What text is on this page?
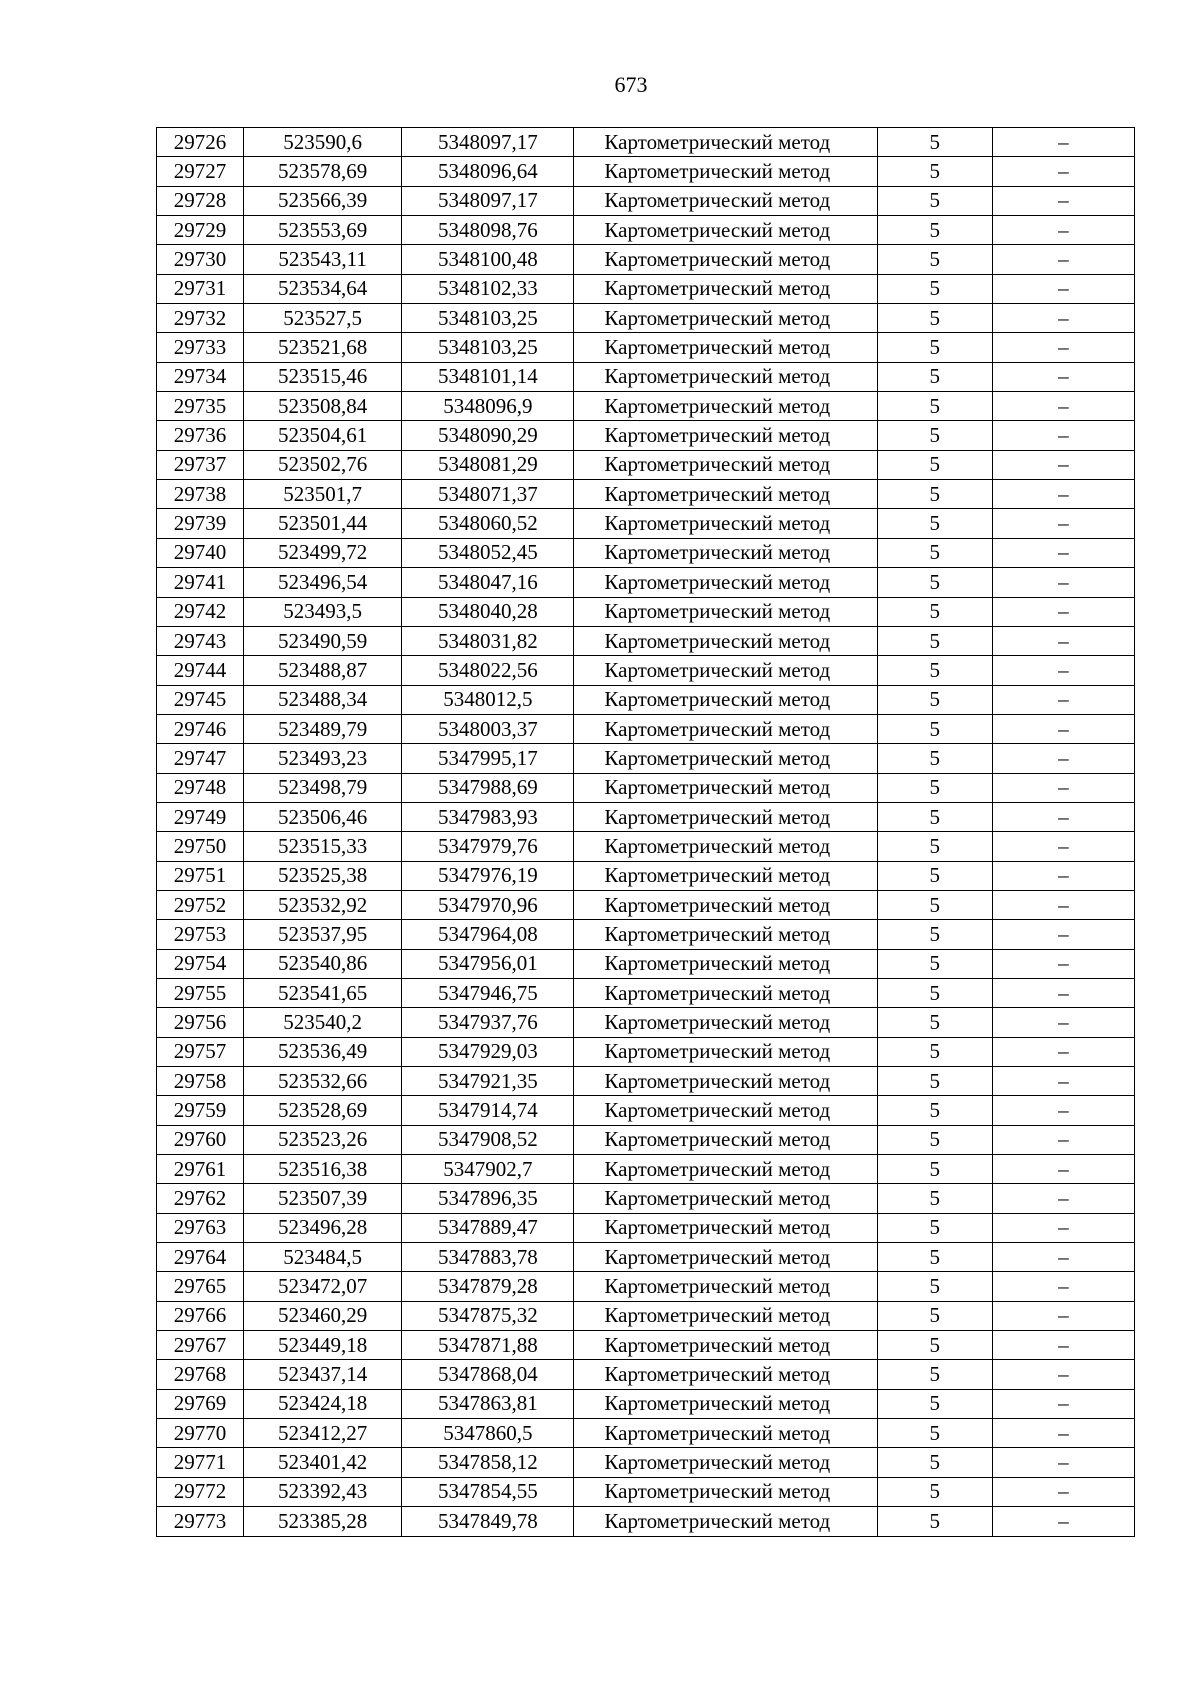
673
29726	523590,6	5348097,17	Картометрический метод	5	–
29727	523578,69	5348096,64	Картометрический метод	5	–
29728	523566,39	5348097,17	Картометрический метод	5	–
29729	523553,69	5348098,76	Картометрический метод	5	–
29730	523543,11	5348100,48	Картометрический метод	5	–
29731	523534,64	5348102,33	Картометрический метод	5	–
29732	523527,5	5348103,25	Картометрический метод	5	–
29733	523521,68	5348103,25	Картометрический метод	5	–
29734	523515,46	5348101,14	Картометрический метод	5	–
29735	523508,84	5348096,9	Картометрический метод	5	–
29736	523504,61	5348090,29	Картометрический метод	5	–
29737	523502,76	5348081,29	Картометрический метод	5	–
29738	523501,7	5348071,37	Картометрический метод	5	–
29739	523501,44	5348060,52	Картометрический метод	5	–
29740	523499,72	5348052,45	Картометрический метод	5	–
29741	523496,54	5348047,16	Картометрический метод	5	–
29742	523493,5	5348040,28	Картометрический метод	5	–
29743	523490,59	5348031,82	Картометрический метод	5	–
29744	523488,87	5348022,56	Картометрический метод	5	–
29745	523488,34	5348012,5	Картометрический метод	5	–
29746	523489,79	5348003,37	Картометрический метод	5	–
29747	523493,23	5347995,17	Картометрический метод	5	–
29748	523498,79	5347988,69	Картометрический метод	5	–
29749	523506,46	5347983,93	Картометрический метод	5	–
29750	523515,33	5347979,76	Картометрический метод	5	–
29751	523525,38	5347976,19	Картометрический метод	5	–
29752	523532,92	5347970,96	Картометрический метод	5	–
29753	523537,95	5347964,08	Картометрический метод	5	–
29754	523540,86	5347956,01	Картометрический метод	5	–
29755	523541,65	5347946,75	Картометрический метод	5	–
29756	523540,2	5347937,76	Картометрический метод	5	–
29757	523536,49	5347929,03	Картометрический метод	5	–
29758	523532,66	5347921,35	Картометрический метод	5	–
29759	523528,69	5347914,74	Картометрический метод	5	–
29760	523523,26	5347908,52	Картометрический метод	5	–
29761	523516,38	5347902,7	Картометрический метод	5	–
29762	523507,39	5347896,35	Картометрический метод	5	–
29763	523496,28	5347889,47	Картометрический метод	5	–
29764	523484,5	5347883,78	Картометрический метод	5	–
29765	523472,07	5347879,28	Картометрический метод	5	–
29766	523460,29	5347875,32	Картометрический метод	5	–
29767	523449,18	5347871,88	Картометрический метод	5	–
29768	523437,14	5347868,04	Картометрический метод	5	–
29769	523424,18	5347863,81	Картометрический метод	5	–
29770	523412,27	5347860,5	Картометрический метод	5	–
29771	523401,42	5347858,12	Картометрический метод	5	–
29772	523392,43	5347854,55	Картометрический метод	5	–
29773	523385,28	5347849,78	Картометрический метод	5	–
